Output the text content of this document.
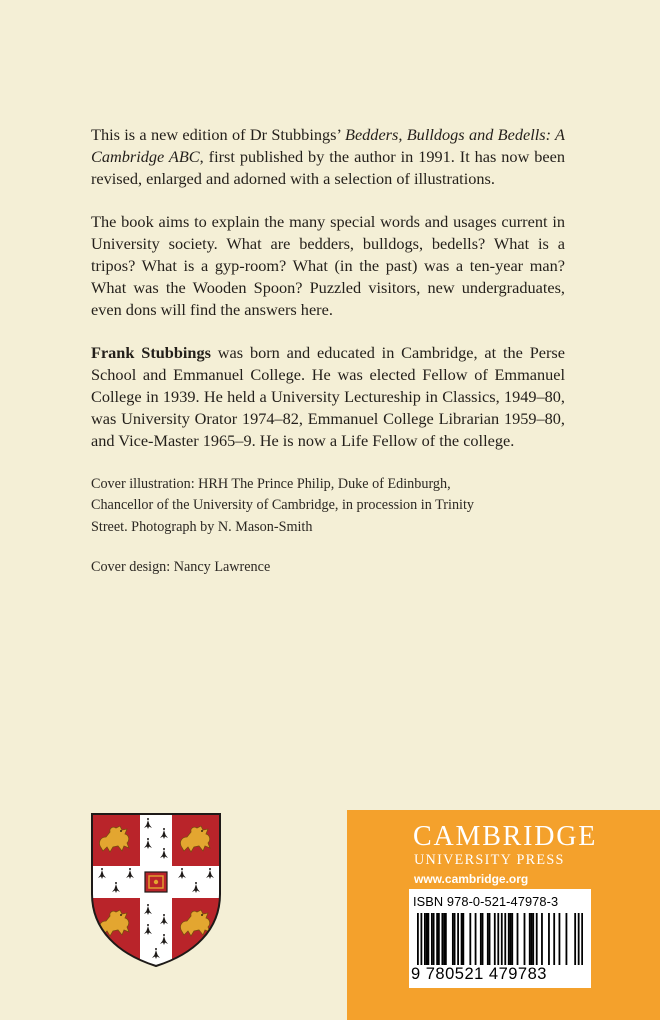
This is a new edition of Dr Stubbings’ Bedders, Bulldogs and Bedells: A Cambridge ABC, first published by the author in 1991. It has now been revised, enlarged and adorned with a selection of illustrations.

The book aims to explain the many special words and usages current in University society. What are bedders, bulldogs, bedells? What is a tripos? What is a gyp-room? What (in the past) was a ten-year man? What was the Wooden Spoon? Puzzled visitors, new undergraduates, even dons will find the answers here.

Frank Stubbings was born and educated in Cambridge, at the Perse School and Emmanuel College. He was elected Fellow of Emmanuel College in 1939. He held a University Lectureship in Classics, 1949–80, was University Orator 1974–82, Emmanuel College Librarian 1959–80, and Vice-Master 1965–9. He is now a Life Fellow of the college.

Cover illustration: HRH The Prince Philip, Duke of Edinburgh,

Chancellor of the University of Cambridge, in procession in Trinity

Street. Photograph by N. Mason-Smith

Cover design: Nancy Lawrence

CAMBRIDGE
UNIVERSITY PRESS
www.cambridge.org
ISBN 978-0-521-47978-3
9 780521 479783
